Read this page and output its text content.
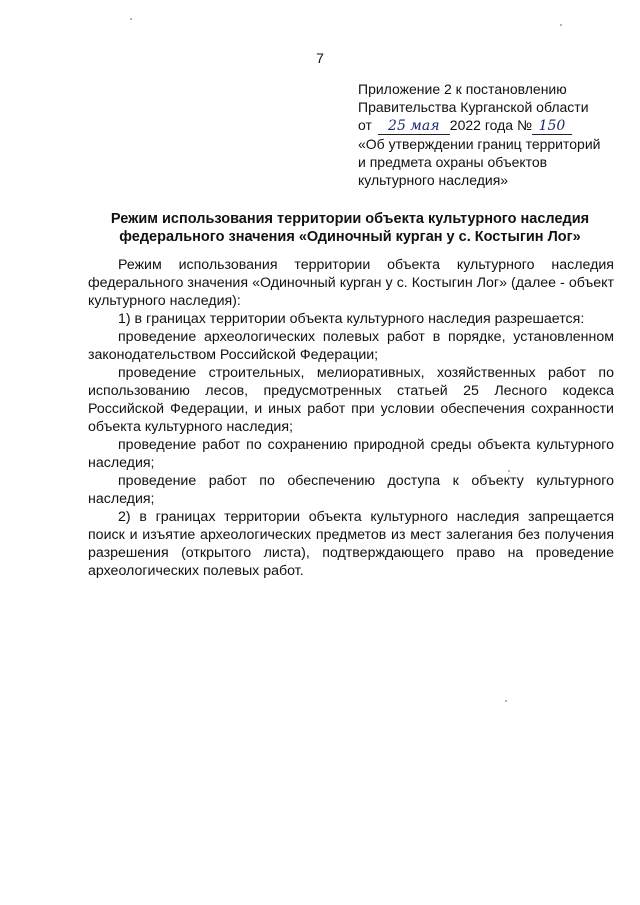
7
Приложение 2 к постановлению
Правительства Курганской области
от 25 мая 2022 года № 150
«Об утверждении границ территорий
и предмета охраны объектов
культурного наследия»
Режим использования территории объекта культурного наследия
федерального значения «Одиночный курган у с. Костыгин Лог»

Режим использования территории объекта культурного наследия федерального значения «Одиночный курган у с. Костыгин Лог» (далее - объект культурного наследия):

1) в границах территории объекта культурного наследия разрешается:

проведение археологических полевых работ в порядке, установленном законодательством Российской Федерации;

проведение строительных, мелиоративных, хозяйственных работ по использованию лесов, предусмотренных статьей 25 Лесного кодекса Российской Федерации, и иных работ при условии обеспечения сохранности объекта культурного наследия;

проведение работ по сохранению природной среды объекта культурного наследия;

проведение работ по обеспечению доступа к объекту культурного наследия;

2) в границах территории объекта культурного наследия запрещается поиск и изъятие археологических предметов из мест залегания без получения разрешения (открытого листа), подтверждающего право на проведение археологических полевых работ.
